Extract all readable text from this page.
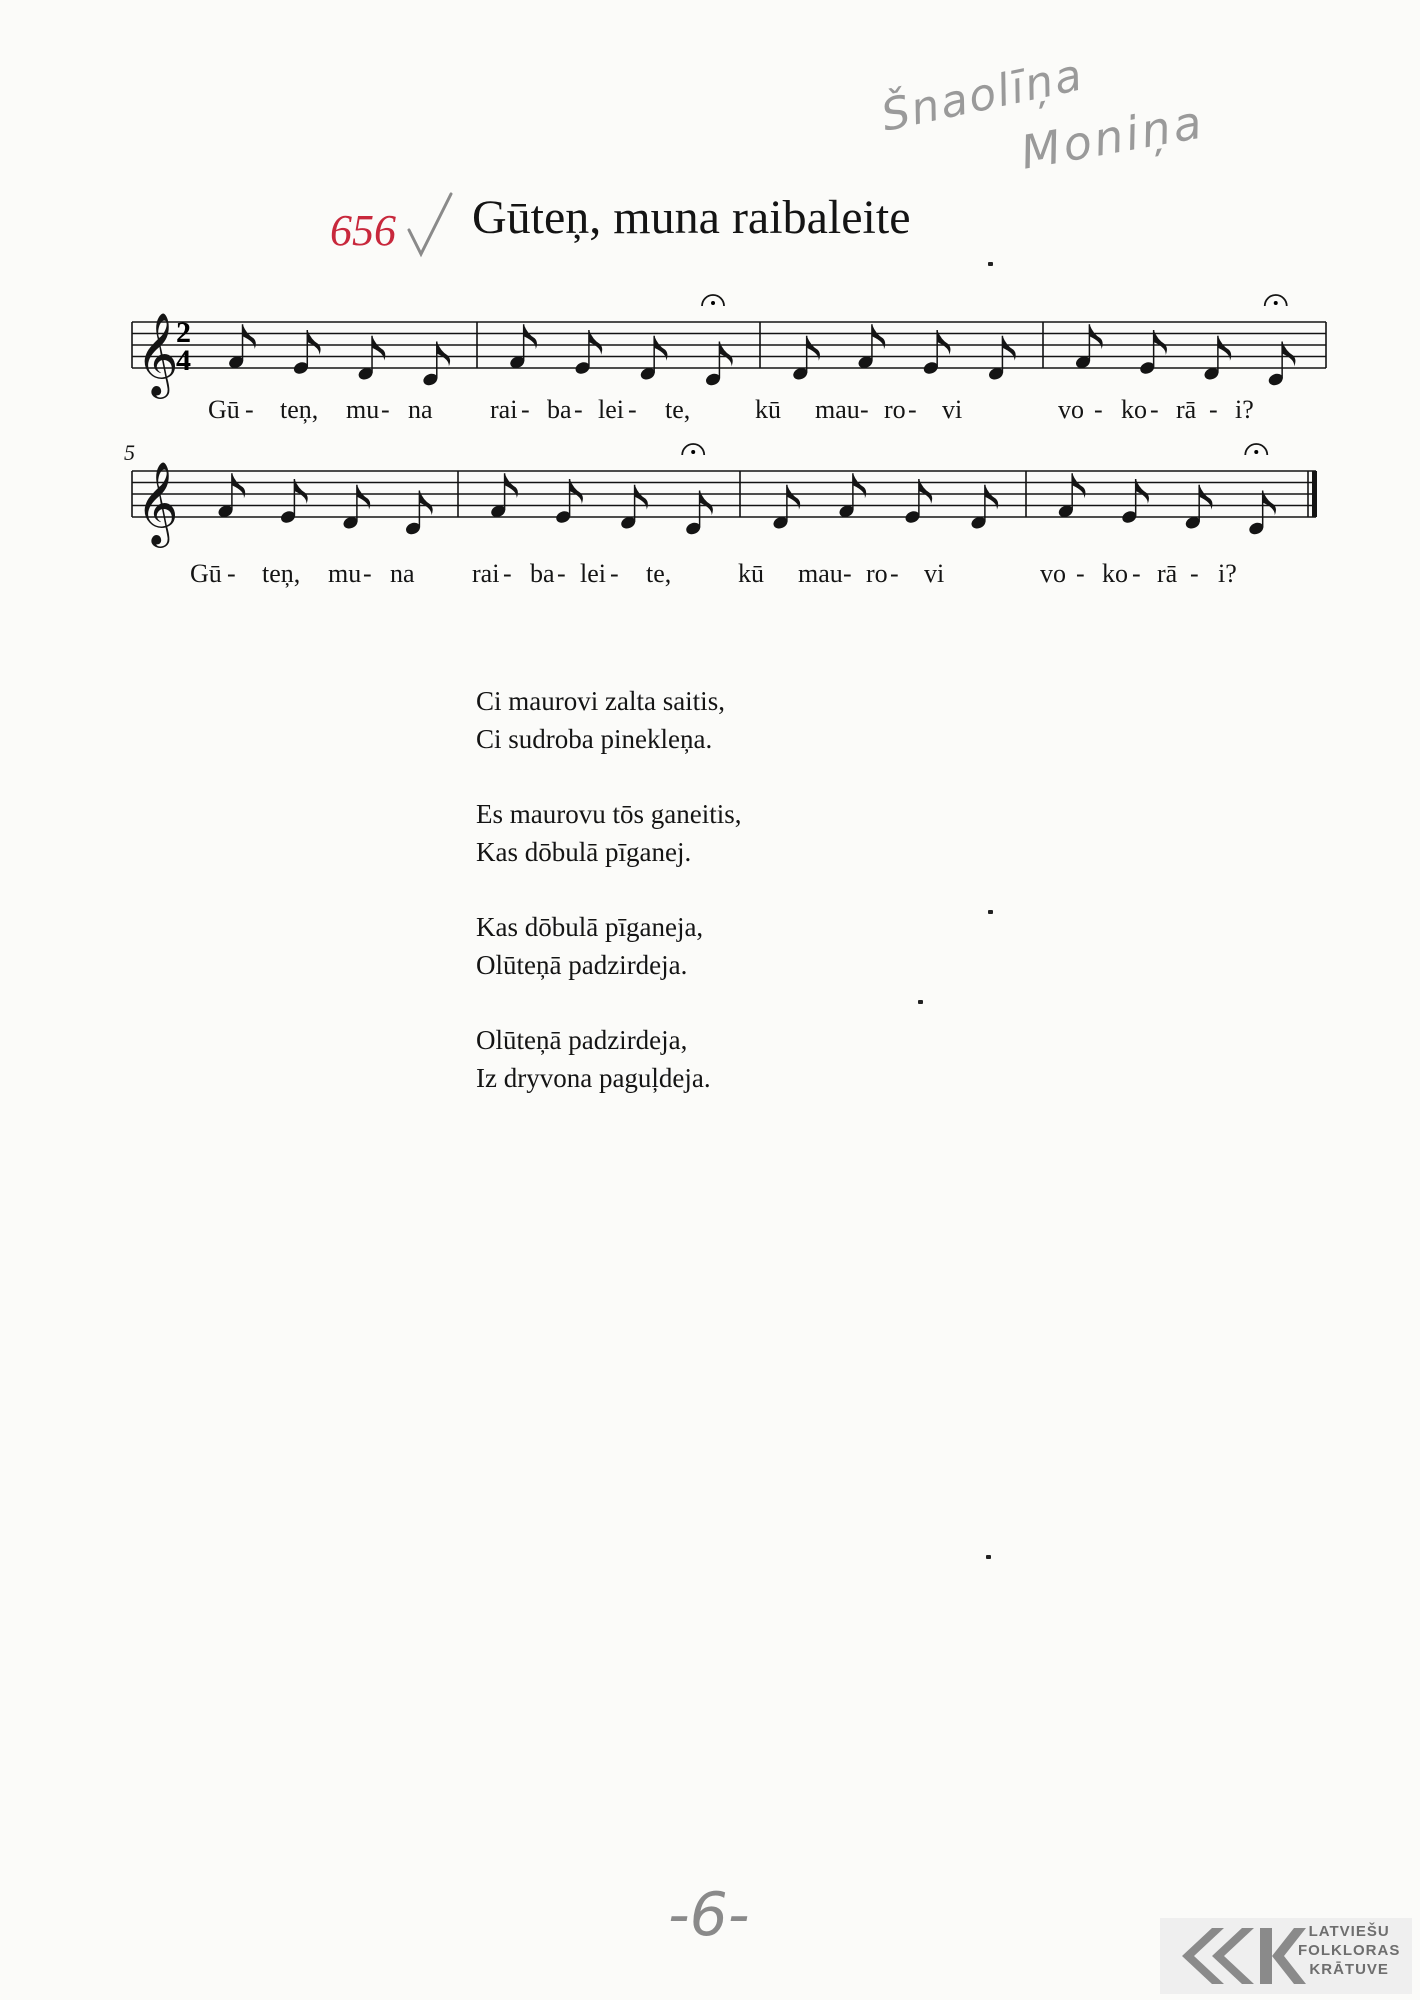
Šnaolīņa
Moniņa
656 Gūteņ, muna raibaleite
𝄞
𝄞
2
4
5
Gū - teņ, mu - na rai - ba - lei - te, kū mau - ro - vi	vo - ko - rā - i?
Gū - teņ, mu - na rai - ba - lei - te,	kū mau - ro - vi	vo - ko - rā - i?
Ci maurovi zalta saitis,
Ci sudroba pinekleņa.
Es maurovu tōs ganeitis,
Kas dōbulā pīganej.
Kas dōbulā pīganeja,
Olūteņā padzirdeja.
Olūteņā padzirdeja,
Iz dryvona paguļdeja.
-6-	LATVIEŠU
FOLKLORAS
KRĀTUVE
